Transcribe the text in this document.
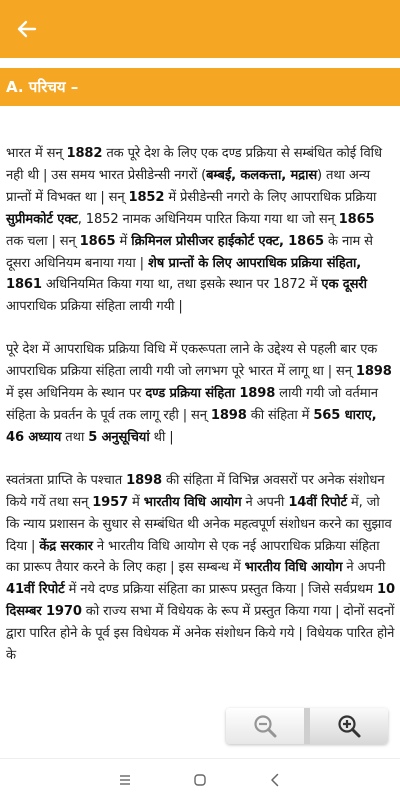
A. परिचय –

भारत में सन् 1882 तक पूरे देश के लिए एक दण्ड प्रक्रिया से सम्बंधित कोई विधि नही थी | उस समय भारत प्रेसीडेन्सी नगरों (बम्बई, कलकत्ता, मद्रास) तथा अन्य प्रान्तों में विभक्त था | सन् 1852 में प्रेसीडेन्सी नगरो के लिए आपराधिक प्रक्रिया सुप्रीमकोर्ट एक्ट, 1852 नामक अधिनियम पारित किया गया था जो सन् 1865 तक चला | सन् 1865 में क्रिमिनल प्रोसीजर हाईकोर्ट एक्ट, 1865 के नाम से दूसरा अधिनियम बनाया गया | शेष प्रान्तों के लिए आपराधिक प्रक्रिया संहिता, 1861 अधिनियमित किया गया था, तथा इसके स्थान पर 1872 में एक दूसरी आपराधिक प्रक्रिया संहिता लायी गयी |

पूरे देश में आपराधिक प्रक्रिया विधि में एकरूपता लाने के उद्देश्य से पहली बार एक आपराधिक प्रक्रिया संहिता लायी गयी जो लगभग पूरे भारत में लागू था | सन् 1898 में इस अधिनियम के स्थान पर दण्ड प्रक्रिया संहिता 1898 लायी गयी जो वर्तमान संहिता के प्रवर्तन के पूर्व तक लागू रही | सन् 1898 की संहिता में 565 धाराए, 46 अध्याय तथा 5 अनुसूचियां थी |

स्वतंत्रता प्राप्ति के पश्चात 1898 की संहिता में विभिन्न अवसरों पर अनेक संशोधन किये गयें तथा सन् 1957 में भारतीय विधि आयोग ने अपनी 14वीं रिपोर्ट में, जो कि न्याय प्रशासन के सुधार से सम्बंधित थी अनेक महत्वपूर्ण संशोधन करने का सुझाव दिया | केंद्र सरकार ने भारतीय विधि आयोग से एक नई आपराधिक प्रक्रिया संहिता का प्रारूप तैयार करने के लिए कहा | इस सम्बन्ध में भारतीय विधि आयोग ने अपनी 41वीं रिपोर्ट में नये दण्ड प्रक्रिया संहिता का प्रारूप प्रस्तुत किया | जिसे सर्वप्रथम 10 दिसम्बर 1970 को राज्य सभा में विधेयक के रूप में प्रस्तुत किया गया | दोनों सदनों द्वारा पारित होने के पूर्व इस विधेयक में अनेक संशोधन किये गये | विधेयक पारित होने के
